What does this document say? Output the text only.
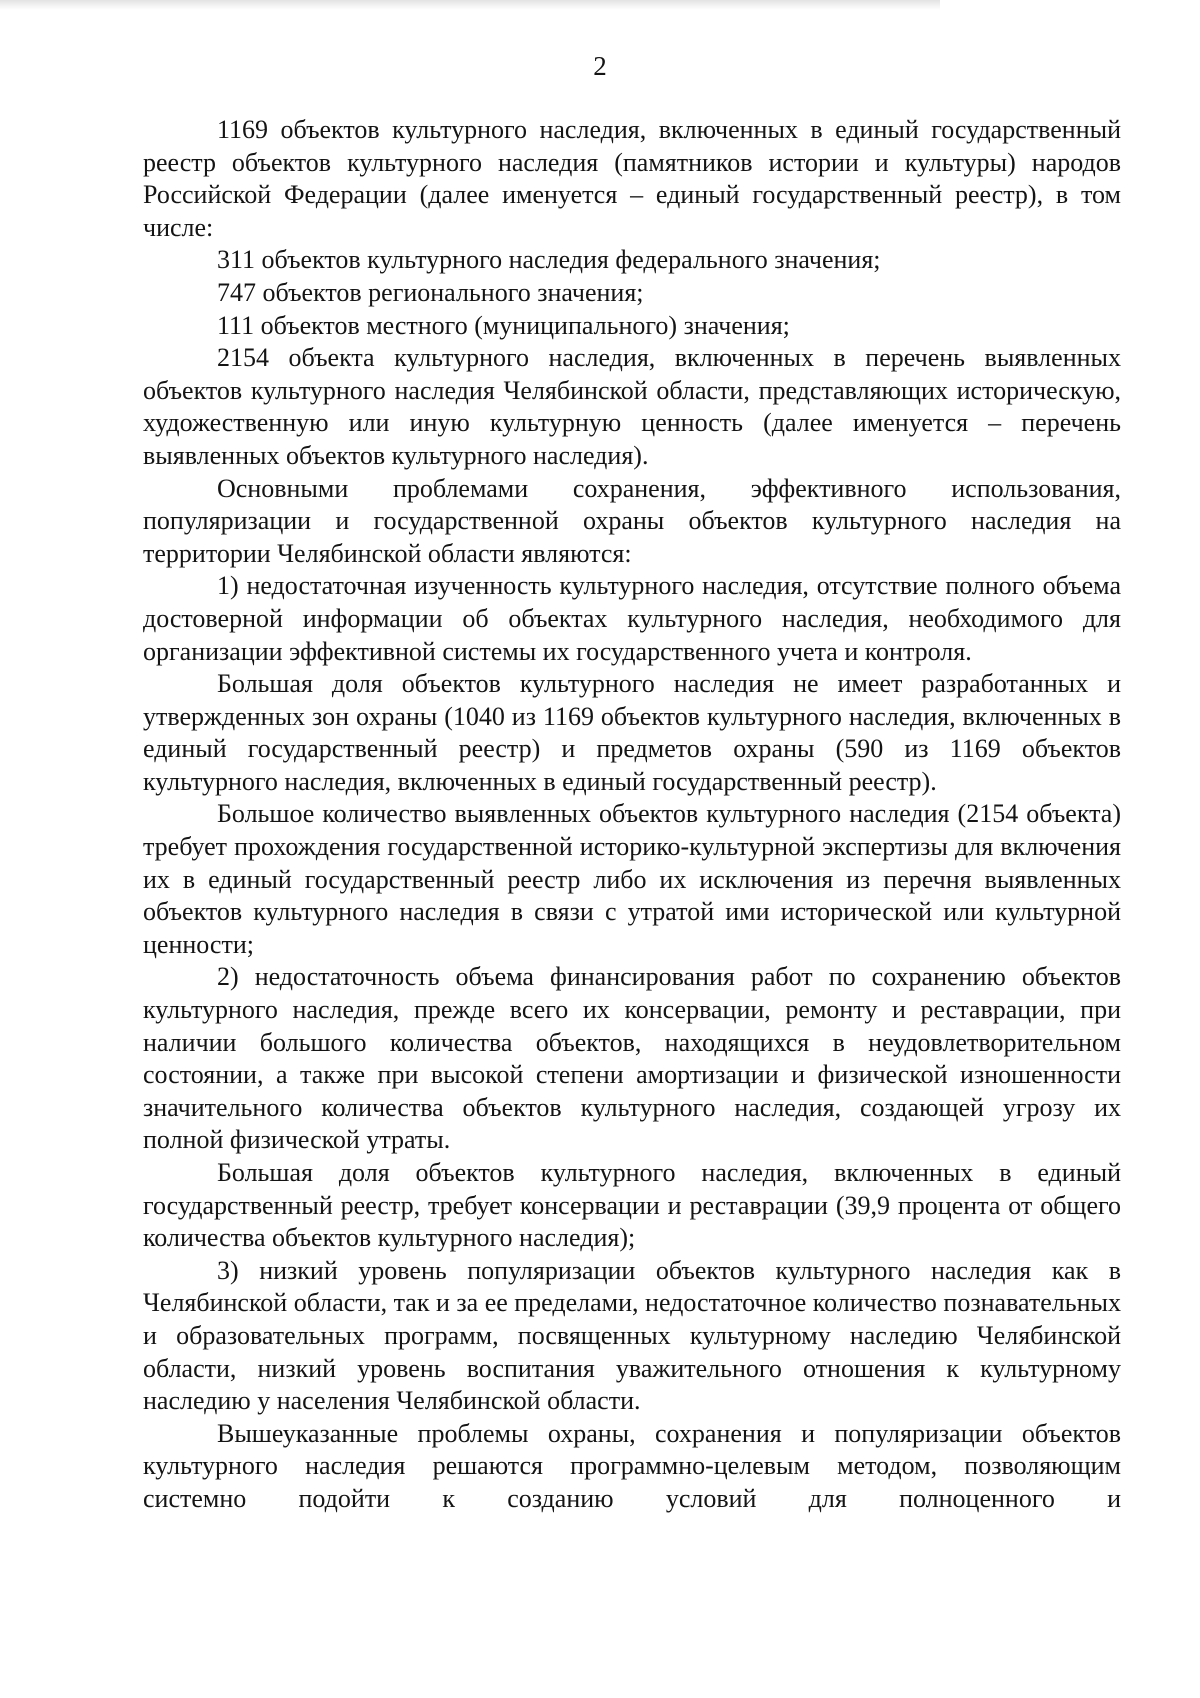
2

1169 объектов культурного наследия, включенных в единый государственный реестр объектов культурного наследия (памятников истории и культуры) народов Российской Федерации (далее именуется – единый государственный реестр), в том числе:

311 объектов культурного наследия федерального значения;

747 объектов регионального значения;

111 объектов местного (муниципального) значения;

2154 объекта культурного наследия, включенных в перечень выявленных объектов культурного наследия Челябинской области, представляющих историческую, художественную или иную культурную ценность (далее именуется – перечень выявленных объектов культурного наследия).

Основными проблемами сохранения, эффективного использования, популяризации и государственной охраны объектов культурного наследия на территории Челябинской области являются:

1) недостаточная изученность культурного наследия, отсутствие полного объема достоверной информации об объектах культурного наследия, необходимого для организации эффективной системы их государственного учета и контроля.

Большая доля объектов культурного наследия не имеет разработанных и утвержденных зон охраны (1040 из 1169 объектов культурного наследия, включенных в единый государственный реестр) и предметов охраны (590 из 1169 объектов культурного наследия, включенных в единый государственный реестр).

Большое количество выявленных объектов культурного наследия (2154 объекта) требует прохождения государственной историко-культурной экспертизы для включения их в единый государственный реестр либо их исключения из перечня выявленных объектов культурного наследия в связи с утратой ими исторической или культурной ценности;

2) недостаточность объема финансирования работ по сохранению объектов культурного наследия, прежде всего их консервации, ремонту и реставрации, при наличии большого количества объектов, находящихся в неудовлетворительном состоянии, а также при высокой степени амортизации и физической изношенности значительного количества объектов культурного наследия, создающей угрозу их полной физической утраты.

Большая доля объектов культурного наследия, включенных в единый государственный реестр, требует консервации и реставрации (39,9 процента от общего количества объектов культурного наследия);

3) низкий уровень популяризации объектов культурного наследия как в Челябинской области, так и за ее пределами, недостаточное количество познавательных и образовательных программ, посвященных культурному наследию Челябинской области, низкий уровень воспитания уважительного отношения к культурному наследию у населения Челябинской области.

Вышеуказанные проблемы охраны, сохранения и популяризации объектов культурного наследия решаются программно-целевым методом, позволяющим системно подойти к созданию условий для полноценного и
